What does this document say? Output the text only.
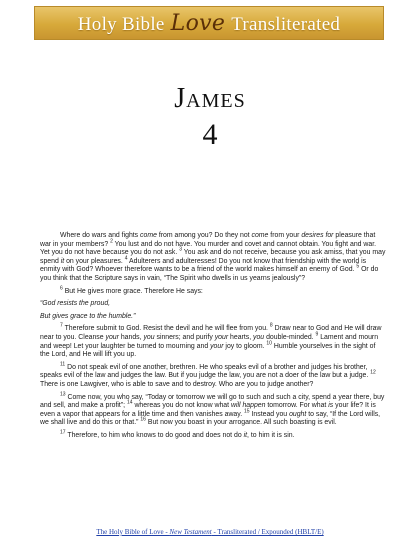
Holy Bible Love Transliterated
James
4

Where do wars and fights come from among you? Do they not come from your desires for pleasure that war in your members? $^2$ You lust and do not have. You murder and covet and cannot obtain. You fight and war. Yet you do not have because you do not ask. $^3$ You ask and do not receive, because you ask amiss, that you may spend it on your pleasures. $^4$ Adulterers and adulteresses! Do you not know that friendship with the world is enmity with God? Whoever therefore wants to be a friend of the world makes himself an enemy of God. $^5$ Or do you think that the Scripture says in vain, “The Spirit who dwells in us yearns jealously”?

$^6$ But He gives more grace. Therefore He says:

“God resists the proud,

But gives grace to the humble.”

$^7$ Therefore submit to God. Resist the devil and he will flee from you. $^8$ Draw near to God and He will draw near to you. Cleanse your hands, you sinners; and purify your hearts, you double-minded. $^9$ Lament and mourn and weep! Let your laughter be turned to mourning and your joy to gloom. $^{10}$ Humble yourselves in the sight of the Lord, and He will lift you up.

$^{11}$ Do not speak evil of one another, brethren. He who speaks evil of a brother and judges his brother, speaks evil of the law and judges the law. But if you judge the law, you are not a doer of the law but a judge. $^{12}$ There is one Lawgiver, who is able to save and to destroy. Who are you to judge another?

$^{13}$ Come now, you who say, “Today or tomorrow we will go to such and such a city, spend a year there, buy and sell, and make a profit”; $^{14}$ whereas you do not know what will happen tomorrow. For what is your life? It is even a vapor that appears for a little time and then vanishes away. $^{15}$ Instead you ought to say, “If the Lord wills, we shall live and do this or that.” $^{16}$ But now you boast in your arrogance. All such boasting is evil.

$^{17}$ Therefore, to him who knows to do good and does not do it, to him it is sin.

The Holy Bible of Love - New Testament - Transliterated / Expounded (HBLT/E)
